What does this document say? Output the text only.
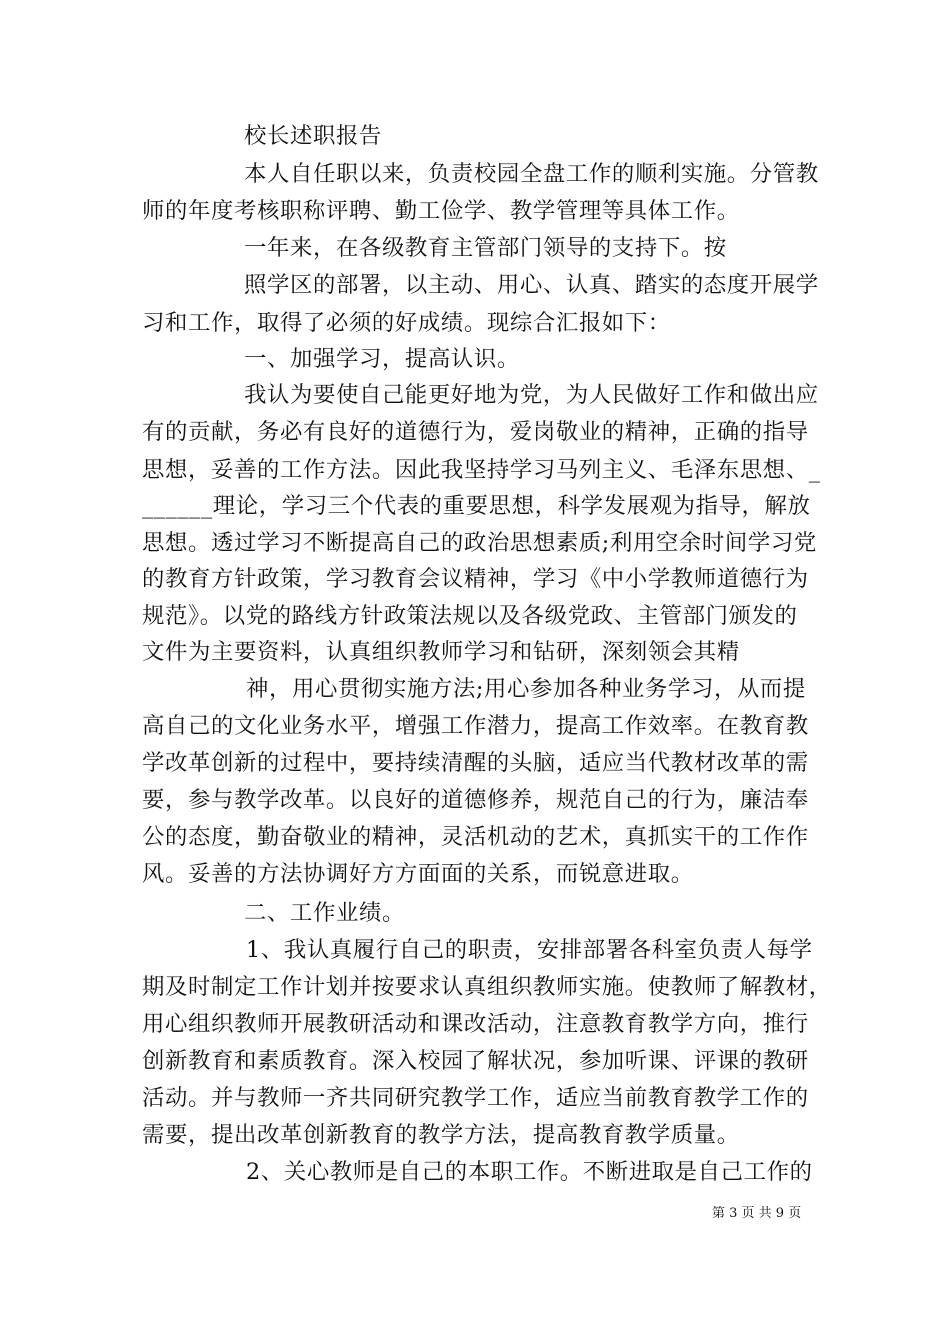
校长述职报告
本人自任职以来，负责校园全盘工作的顺利实施。分管教
师的年度考核职称评聘、勤工俭学、教学管理等具体工作。
一年来，在各级教育主管部门领导的支持下。按
照学区的部署，以主动、用心、认真、踏实的态度开展学
习和工作，取得了必须的好成绩。现综合汇报如下：
一、加强学习，提高认识。
我认为要使自己能更好地为党，为人民做好工作和做出应
有的贡献，务必有良好的道德行为，爱岗敬业的精神，正确的指导
思想，妥善的工作方法。因此我坚持学习马列主义、毛泽东思想、_
______理论，学习三个代表的重要思想，科学发展观为指导，解放
思想。透过学习不断提高自己的政治思想素质;利用空余时间学习党
的教育方针政策，学习教育会议精神，学习《中小学教师道德行为
规范》。以党的路线方针政策法规以及各级党政、主管部门颁发的
文件为主要资料，认真组织教师学习和钻研，深刻领会其精
神，用心贯彻实施方法;用心参加各种业务学习，从而提
高自己的文化业务水平，增强工作潜力，提高工作效率。在教育教
学改革创新的过程中，要持续清醒的头脑，适应当代教材改革的需
要，参与教学改革。以良好的道德修养，规范自己的行为，廉洁奉
公的态度，勤奋敬业的精神，灵活机动的艺术，真抓实干的工作作
风。妥善的方法协调好方方面面的关系，而锐意进取。
二、工作业绩。
1、我认真履行自己的职责，安排部署各科室负责人每学
期及时制定工作计划并按要求认真组织教师实施。使教师了解教材，
用心组织教师开展教研活动和课改活动，注意教育教学方向，推行
创新教育和素质教育。深入校园了解状况，参加听课、评课的教研
活动。并与教师一齐共同研究教学工作，适应当前教育教学工作的
需要，提出改革创新教育的教学方法，提高教育教学质量。
2、关心教师是自己的本职工作。不断进取是自己工作的
第 3 页 共 9 页
